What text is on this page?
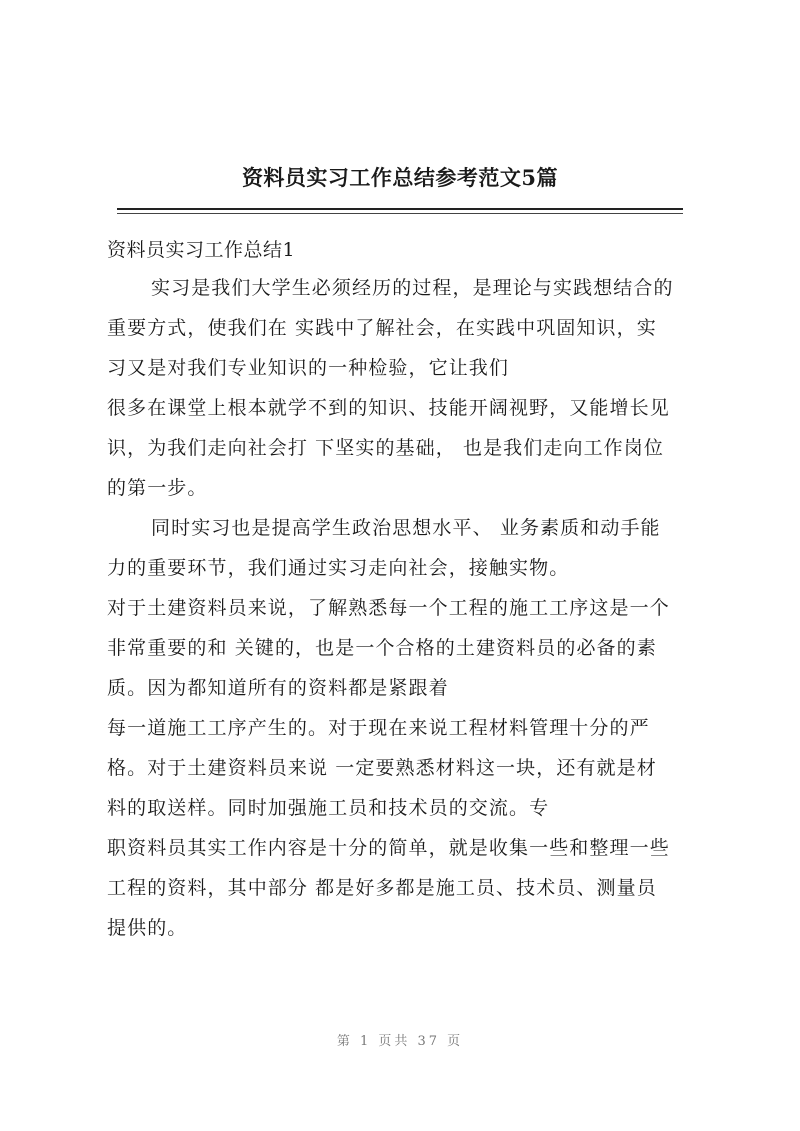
资料员实习工作总结参考范文5篇
资料员实习工作总结1
实习是我们大学生必须经历的过程，是理论与实践想结合的
重要方式，使我们在 实践中了解社会，在实践中巩固知识，实
习又是对我们专业知识的一种检验，它让我们
很多在课堂上根本就学不到的知识、技能开阔视野，又能增长见
识，为我们走向社会打 下坚实的基础， 也是我们走向工作岗位
的第一步。
同时实习也是提高学生政治思想水平、 业务素质和动手能
力的重要环节，我们通过实习走向社会，接触实物。
对于土建资料员来说，了解熟悉每一个工程的施工工序这是一个
非常重要的和 关键的，也是一个合格的土建资料员的必备的素
质。因为都知道所有的资料都是紧跟着
每一道施工工序产生的。对于现在来说工程材料管理十分的严
格。对于土建资料员来说 一定要熟悉材料这一块，还有就是材
料的取送样。同时加强施工员和技术员的交流。专
职资料员其实工作内容是十分的简单，就是收集一些和整理一些
工程的资料，其中部分 都是好多都是施工员、技术员、测量员
提供的。
第 1 页共 37 页
